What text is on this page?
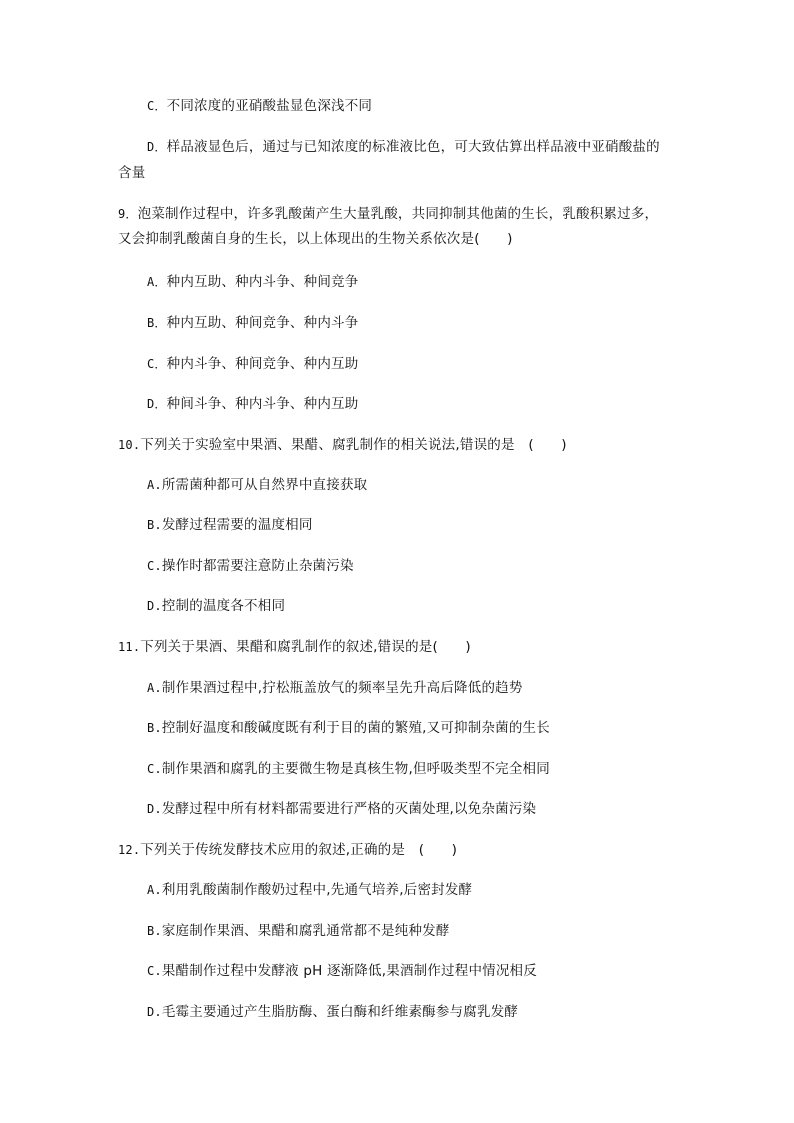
C．不同浓度的亚硝酸盐显色深浅不同
D．样品液显色后，通过与已知浓度的标准液比色，可大致估算出样品液中亚硝酸盐的
含量
9．泡菜制作过程中，许多乳酸菌产生大量乳酸，共同抑制其他菌的生长，乳酸积累过多，
又会抑制乳酸菌自身的生长，以上体现出的生物关系依次是(　　)
A．种内互助、种内斗争、种间竞争
B．种内互助、种间竞争、种内斗争
C．种内斗争、种间竞争、种内互助
D．种间斗争、种内斗争、种内互助
10.下列关于实验室中果酒、果醋、腐乳制作的相关说法,错误的是　(　　)
A.所需菌种都可从自然界中直接获取
B.发酵过程需要的温度相同
C.操作时都需要注意防止杂菌污染
D.控制的温度各不相同
11.下列关于果酒、果醋和腐乳制作的叙述,错误的是(　　)
A.制作果酒过程中,拧松瓶盖放气的频率呈先升高后降低的趋势
B.控制好温度和酸碱度既有利于目的菌的繁殖,又可抑制杂菌的生长
C.制作果酒和腐乳的主要微生物是真核生物,但呼吸类型不完全相同
D.发酵过程中所有材料都需要进行严格的灭菌处理,以免杂菌污染
12.下列关于传统发酵技术应用的叙述,正确的是　(　　)
A.利用乳酸菌制作酸奶过程中,先通气培养,后密封发酵
B.家庭制作果酒、果醋和腐乳通常都不是纯种发酵
C.果醋制作过程中发酵液 pH 逐渐降低,果酒制作过程中情况相反
D.毛霉主要通过产生脂肪酶、蛋白酶和纤维素酶参与腐乳发酵
